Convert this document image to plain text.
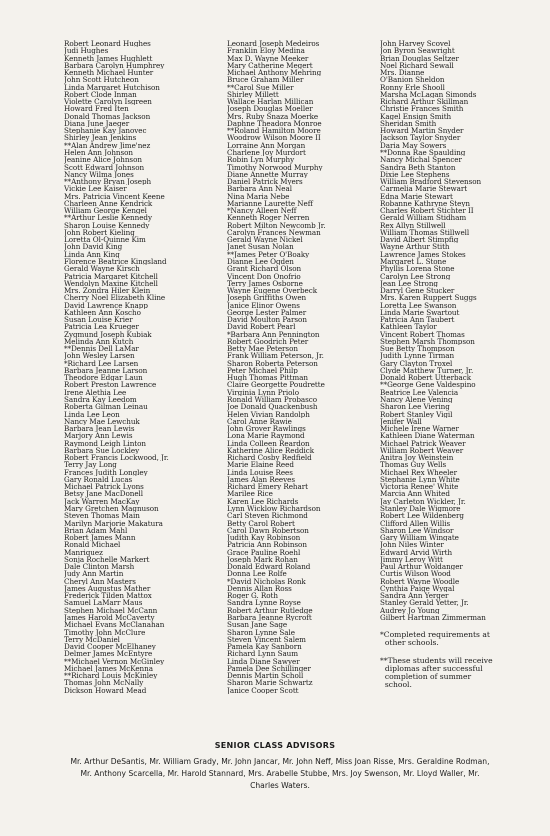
Robert Leonard Hughes
Judi Hughes
Kenneth James Hughlett
Barbara Carolyn Humphrey
Kenneth Michael Hunter
John Scott Hutcheon
Linda Margaret Hutchison
Robert Clode Inman
Violette Carolyn Isgreen
Howard Fred Iten
Donald Thomas Jackson
Diana June Jaeger
Stephanie Kay Janovec
Shirley Jean Jenkins
**Alan Andrew Jime'nez
Helen Ann Johnson
Jeanine Alice Johnson
Scott Edward Johnson
Nancy Wilma Jones
**Anthony Bryan Joseph
Vickie Lee Kaiser
Mrs. Patricia Vincent Keene
Charleen Anne Kendrick
William George Kengel
**Arthur Leslie Kennedy
Sharon Louise Kennedy
John Robert Kieling
Loretta Ol-Quinne Kim
John David King
Linda Ann King
Florence Beatrice Kingsland
Gerald Wayne Kirsch
Patricia Margaret Kitchell
Wendolyn Maxine Kitchell
Mrs. Zondra Hiler Klein
Cherry Noel Elizabeth Kline
David Lawrence Knapp
Kathleen Ann Koscho
Susan Louise Krier
Patricia Lea Krueger
Zygmund Joseph Kubiak
Melinda Ann Kutch
**Dennis Dell LaMar
John Wesley Larsen
*Richard Lee Larsen
Barbara Jeanne Larson
Theodore Edgar Laun
Robert Preston Lawrence
Irene Alethia Lee
Sandra Kay Leedom
Roberta Gilman Leinau
Linda Lee Leon
Nancy Mae Lewchuk
Barbara Jean Lewis
Marjory Ann Lewis
Raymond Leigh Linton
Barbara Sue Lockley
Robert Francis Lockwood, Jr.
Terry Jay Long
Frances Judith Longley
Gary Ronald Lucas
Michael Patrick Lyons
Betsy Jane MacDonell
Jack Warren MacKay
Mary Gretchen Magnuson
Steven Thomas Main
Marilyn Marjorie Makatura
Brian Adam Mahl
Robert James Mann
Ronald Michael
Manriquez
Sonja Rochelle Markert
Dale Clinton Marsh
Judy Ann Martin
Cheryl Ann Masters
James Augustus Mather
Frederick Tilden Mattox
Samuel LaMarr Maus
Stephen Michael McCann
James Harold McCaverty
Michael Evans McClanahan
Timothy John McClure
Terry McDaniel
David Cooper McElhaney
Delmer James McEntyre
**Michael Vernon McGinley
Michael James McKenna
**Richard Louis McKinley
Thomas John McNally
Dickson Howard Mead
Leonard Joseph Medeiros
Franklin Eloy Medina
Max D. Wayne Meeker
Mary Catherine Megert
Michael Anthony Mehring
Bruce Graham Miller
**Carol Sue Miller
Shirley Millett
Wallace Harlan Millican
Joseph Douglas Moeller
Mrs. Ruby Snaza Moerke
Daphne Theadora Monroe
**Roland Hamilton Moore
Woodrow Wilson Moore II
Lorraine Ann Morgan
Charlene Joy Murdort
Robin Lyn Murphy
Timothy Norwood Murphy
Diane Annette Murray
Daniel Patrick Myers
Barbara Ann Neal
Nina Maria Nebe
Marianne Laurette Neff
*Nancy Alleen Neff
Kenneth Roger Nerren
Robert Milton Newcomb Jr.
Carolyn Frances Newman
Gerald Wayne Nickel
Janet Susan Nolan
**James Peter O'Boaky
Dianne Lee Ogden
Grant Richard Olson
Vincent Don Onofrio
Terry James Osborne
Wayne Eugene Overbeck
Joseph Griffiths Owen
Janice Elinor Owens
George Lester Palmer
David Moulton Parson
David Robert Pearl
*Barbara Ann Pennington
Robert Goodrich Peter
Betty Mae Peterson
Frank William Peterson, Jr.
Sharon Roberta Peterson
Peter Michael Philp
Hugh Thomas Pittman
Claire Georgette Poudrette
Virginia Lynn Priolo
Ronald William Probasco
Joe Donald Quackenbush
Helen Vivian Randolph
Carol Anne Rawie
John Grover Rawlings
Lona Marie Raymond
Linda Colleen Reardon
Katherine Alice Reddick
Richard Cosby Redfield
Marie Elaine Reed
Linda Louise Rees
James Alan Reeves
Richard Emery Rehart
Marilee Rice
Karen Lee Richards
Lynn Wicklow Richardson
Carl Steven Richmond
Betty Carol Robert
Carol Dawn Robertson
Judith Kay Robinson
Patricia Ann Robinson
Grace Pauline Roehl
Joseph Mark Rohan
Donald Edward Roland
Donna Lee Rolfe
*David Nicholas Ronk
Dennis Allan Ross
Roger G. Roth
Sandra Lynne Royse
Robert Arthur Rutledge
Barbara Jeanne Rycroft
Susan Jane Sage
Sharon Lynne Sale
Steven Vincent Salem
Pamela Kay Sanborn
Richard Lynn Saum
Linda Diane Sawyer
Pamela Dee Schillinger
Dennis Martin Scholl
Sharon Marie Schwartz
Janice Cooper Scott
John Harvey Scovel
Jon Byron Seawright
Brian Douglas Seltzer
Noel Richard Sewall
Mrs. Dianne
O'Banion Sheldon
Ronny Erle Shooll
Marsha McLagan Simonds
Richard Arthur Skillman
Christie Frances Smith
Kagel Ensign Smith
Sheridan Smith
Howard Martin Snyder
Jackson Taylor Snyder
Daria May Sowers
**Donna Rae Spaulding
Nancy Michal Spencer
Sandra Beth Stanton
Dixie Lee Stephens
William Bradford Stevenson
Carmelia Marie Stewart
Edna Marie Stewart
Robanne Kathryne Steyn
Charles Robert Stichter II
Gerald William Stidham
Rex Allyn Stillwell
William Thomas Stillwell
David Albert Stimpfig
Wayne Arthur Stith
Lawrence James Stokes
Margaret L. Stone
Phyllis Lorena Stone
Carolyn Lee Strong
Jean Lee Strong
Darryl Gene Stucker
Mrs. Karen Ruppert Suggs
Loretta Lee Swanson
Linda Marie Swartout
Patricia Ann Taubert
Kathleen Taylor
Vincent Robert Thomas
Stephen Marsh Thompson
Sue Betty Thompson
Judith Lynne Tirman
Gary Clayton Troxel
Clyde Matthew Turner, Jr.
Donald Robert Utterback
**George Gene Valdespino
Beatrice Lee Valencia
Nancy Alene Vening
Sharon Lee Viering
Robert Stanley Vigil
Jenifer Wall
Michele Irene Warner
Kathleen Diane Waterman
Michael Patrick Weaver
William Robert Weaver
Anitra Joy Weinstein
Thomas Guy Wells
Michael Rex Wheeler
Stephanie Lynn White
Victoria Renee' White
Marcia Ann Whited
Jay Carleton Wickler, Jr.
Stanley Dale Wigmore
Robert Lee Wildenberg
Clifford Allen Willis
Sharon Lee Windsor
Gary William Wingate
John Niles Winter
Edward Arvid Wirth
Jimmy Leroy Witt
Paul Arthur Woldanger
Curtis Wilson Wood
Robert Wayne Woodle
Cynthia Paige Wygal
Sandra Ann Yerger
Stanley Gerald Yetter, Jr.
Audrey Jo Young
Gilbert Hartman Zimmerman
*Completed requirements at
other schools.
**These students will receive
diplomas after successful
completion of summer
school.
SENIOR CLASS ADVISORS
Mr. Arthur DeSantis, Mr. William Grady, Mr. John Jancar, Mr. John Neff, Miss Joan Risse, Mrs. Geraldine Rodman, Mr. Anthony Scarcella, Mr. Harold Stannard, Mrs. Arabelle Stubbe, Mrs. Joy Swenson, Mr. Lloyd Waller, Mr. Charles Waters.
